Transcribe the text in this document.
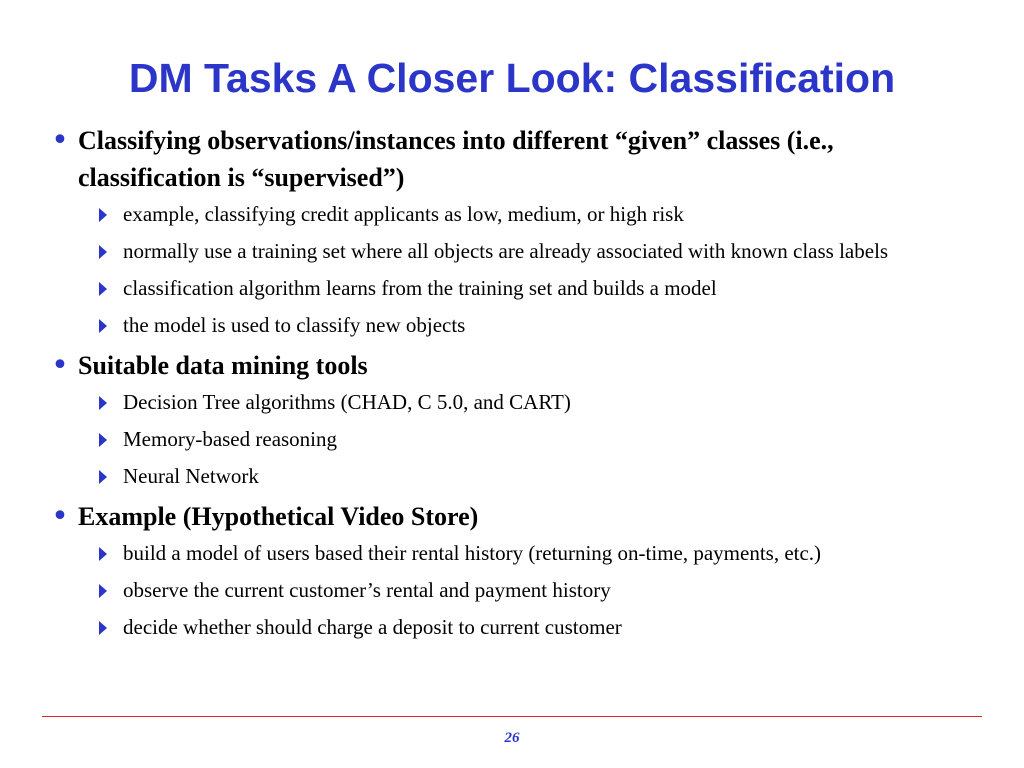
DM Tasks A Closer Look: Classification
• Classifying observations/instances into different “given” classes (i.e., classification is “supervised”)
example, classifying credit applicants as low, medium, or high risk
normally use a training set where all objects are already associated with known class labels
classification algorithm learns from the training set and builds a model
the model is used to classify new objects
• Suitable data mining tools
Decision Tree algorithms (CHAD, C 5.0, and CART)
Memory-based reasoning
Neural Network
• Example (Hypothetical Video Store)
build a model of users based their rental history (returning on-time, payments, etc.)
observe the current customer’s rental and payment history
decide whether should charge a deposit to current customer
26
